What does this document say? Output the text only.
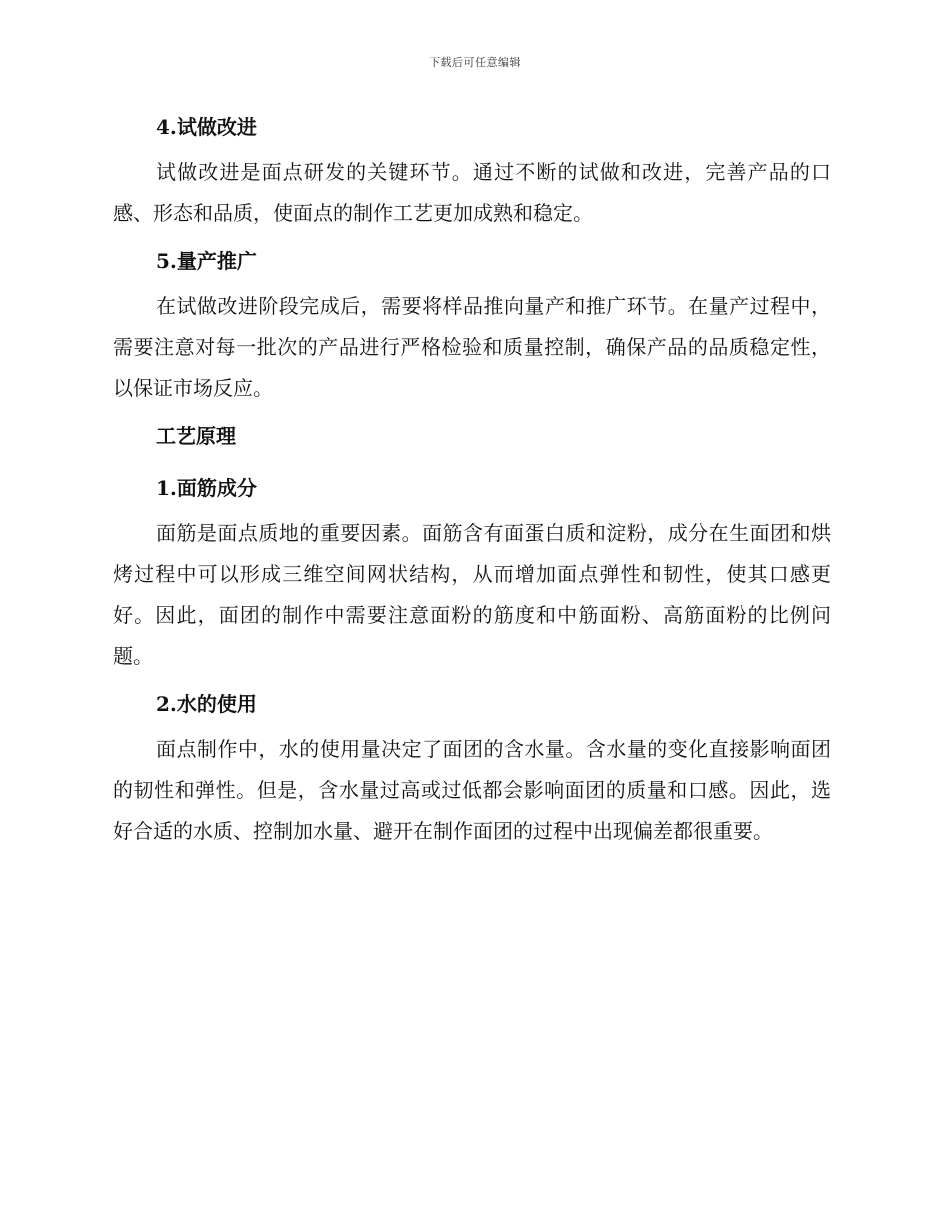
下载后可任意编辑
4.试做改进

试做改进是面点研发的关键环节。通过不断的试做和改进，完善产品的口感、形态和品质，使面点的制作工艺更加成熟和稳定。

5.量产推广

在试做改进阶段完成后，需要将样品推向量产和推广环节。在量产过程中，需要注意对每一批次的产品进行严格检验和质量控制，确保产品的品质稳定性，以保证市场反应。

工艺原理
1.面筋成分

面筋是面点质地的重要因素。面筋含有面蛋白质和淀粉，成分在生面团和烘烤过程中可以形成三维空间网状结构，从而增加面点弹性和韧性，使其口感更好。因此，面团的制作中需要注意面粉的筋度和中筋面粉、高筋面粉的比例问题。

2.水的使用

面点制作中，水的使用量决定了面团的含水量。含水量的变化直接影响面团的韧性和弹性。但是，含水量过高或过低都会影响面团的质量和口感。因此，选好合适的水质、控制加水量、避开在制作面团的过程中出现偏差都很重要。
